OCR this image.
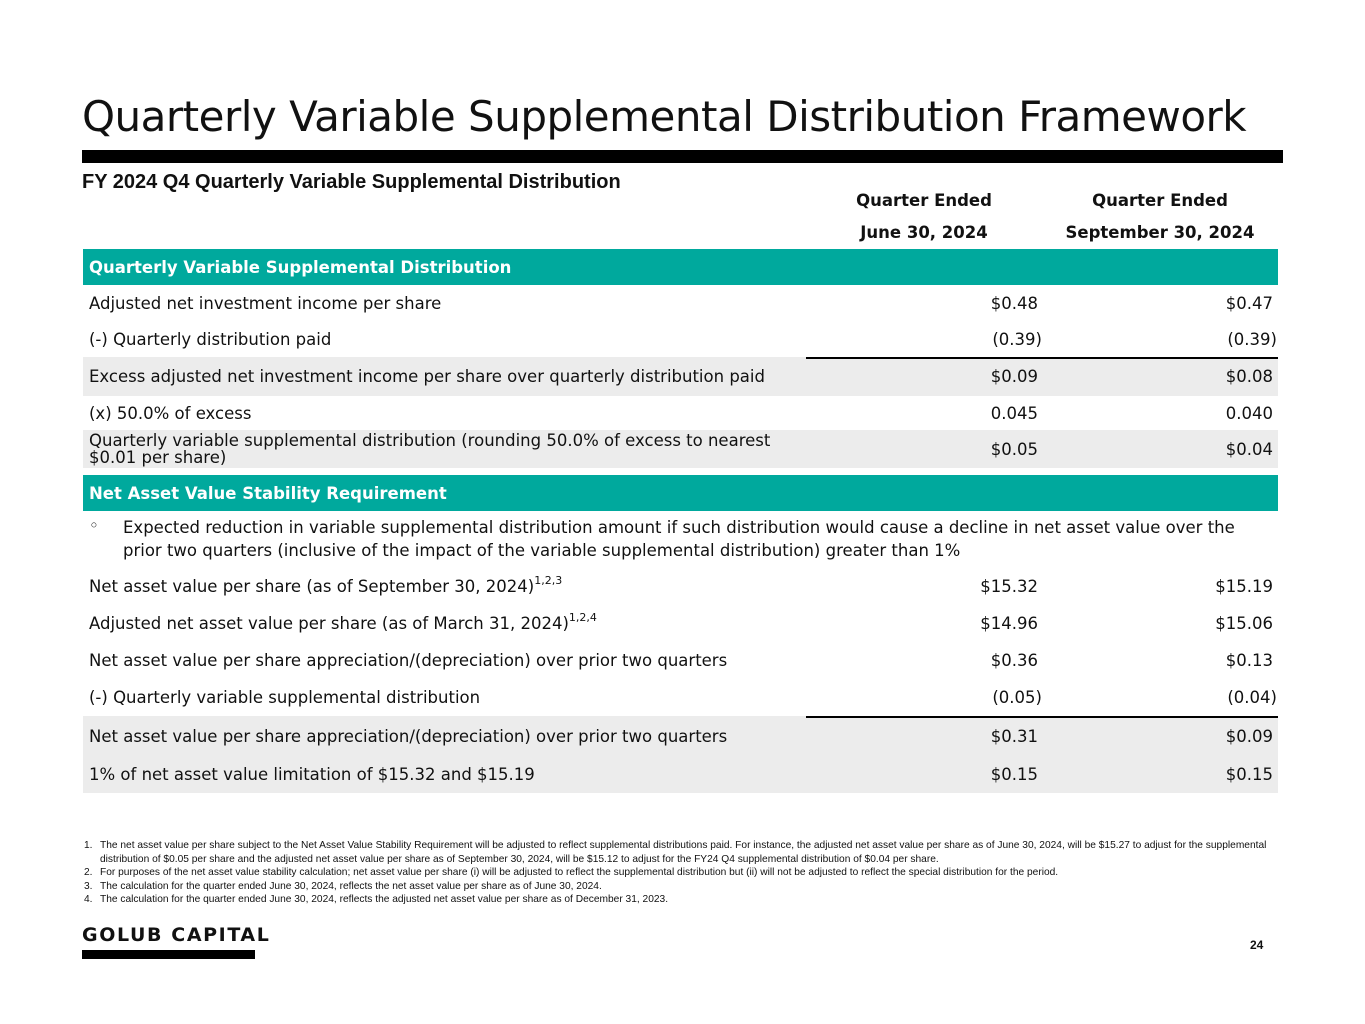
Quarterly Variable Supplemental Distribution Framework
FY 2024 Q4 Quarterly Variable Supplemental Distribution
Quarter Ended
June 30, 2024
Quarter Ended
September 30, 2024
Quarterly Variable Supplemental Distribution
Adjusted net investment income per share	$0.48	$0.47
(-) Quarterly distribution paid	(0.39)	(0.39)
Excess adjusted net investment income per share over quarterly distribution paid	$0.09	$0.08
(x) 50.0% of excess	0.045	0.040
Quarterly variable supplemental distribution (rounding 50.0% of excess to nearest
$0.01 per share)	$0.05	$0.04
Net Asset Value Stability Requirement
◦	Expected reduction in variable supplemental distribution amount if such distribution would cause a decline in net asset value over the prior two quarters (inclusive of the impact of the variable supplemental distribution) greater than 1%
Net asset value per share (as of September 30, 2024)$^{1,2,3}$	$15.32	$15.19
Adjusted net asset value per share (as of March 31, 2024)$^{1,2,4}$	$14.96	$15.06
Net asset value per share appreciation/(depreciation) over prior two quarters	$0.36	$0.13
(-) Quarterly variable supplemental distribution	(0.05)	(0.04)
Net asset value per share appreciation/(depreciation) over prior two quarters	$0.31	$0.09
1% of net asset value limitation of $15.32 and $15.19	$0.15	$0.15
1. The net asset value per share subject to the Net Asset Value Stability Requirement will be adjusted to reflect supplemental distributions paid. For instance, the adjusted net asset value per share as of June 30, 2024, will be $15.27 to adjust for the supplemental distribution of $0.05 per share and the adjusted net asset value per share as of September 30, 2024, will be $15.12 to adjust for the FY24 Q4 supplemental distribution of $0.04 per share.
2. For purposes of the net asset value stability calculation; net asset value per share (i) will be adjusted to reflect the supplemental distribution but (ii) will not be adjusted to reflect the special distribution for the period.
3. The calculation for the quarter ended June 30, 2024, reflects the net asset value per share as of June 30, 2024.
4. The calculation for the quarter ended June 30, 2024, reflects the adjusted net asset value per share as of December 31, 2023.
GOLUB CAPITAL	24
